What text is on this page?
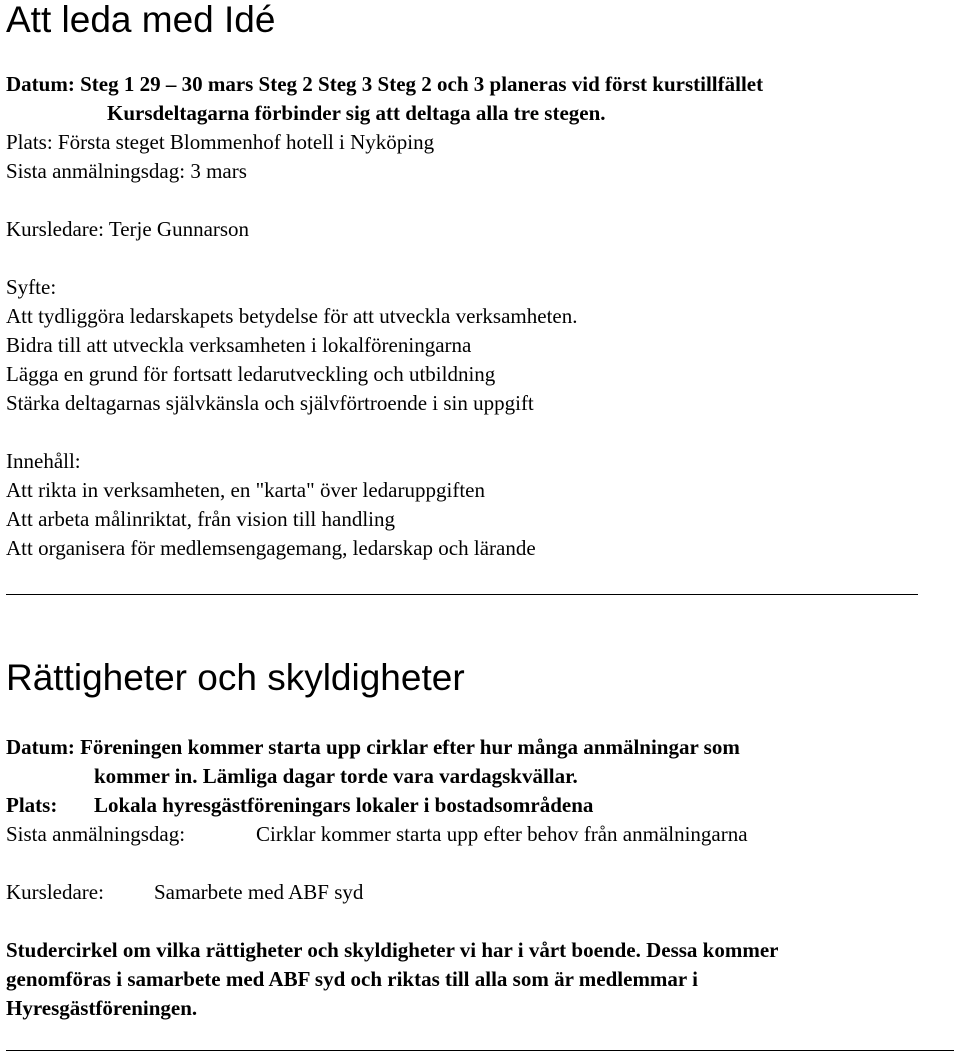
Att leda med Idé
Datum: Steg 1 29 – 30 mars Steg 2 Steg 3 Steg 2 och 3 planeras vid först kurstillfället
Kursdeltagarna förbinder sig att deltaga alla tre stegen.
Plats: Första steget Blommenhof hotell i Nyköping
Sista anmälningsdag: 3 mars
Kursledare: Terje Gunnarson
Syfte:
Att tydliggöra ledarskapets betydelse för att utveckla verksamheten.
Bidra till att utveckla verksamheten i lokalföreningarna
Lägga en grund för fortsatt ledarutveckling och utbildning
Stärka deltagarnas självkänsla och självförtroende i sin uppgift
Innehåll:
Att rikta in verksamheten, en "karta" över ledaruppgiften
Att arbeta målinriktat, från vision till handling
Att organisera för medlemsengagemang, ledarskap och lärande
Rättigheter och skyldigheter
Datum: Föreningen kommer starta upp cirklar efter hur många anmälningar som
kommer in. Lämliga dagar torde vara vardagskvällar.
Plats: Lokala hyresgästföreningars lokaler i bostadsområdena
Sista anmälningsdag:	Cirklar kommer starta upp efter behov från anmälningarna
Kursledare: Samarbete med ABF syd
Studercirkel om vilka rättigheter och skyldigheter vi har i vårt boende. Dessa kommer
genomföras i samarbete med ABF syd och riktas till alla som är medlemmar i
Hyresgästföreningen.
